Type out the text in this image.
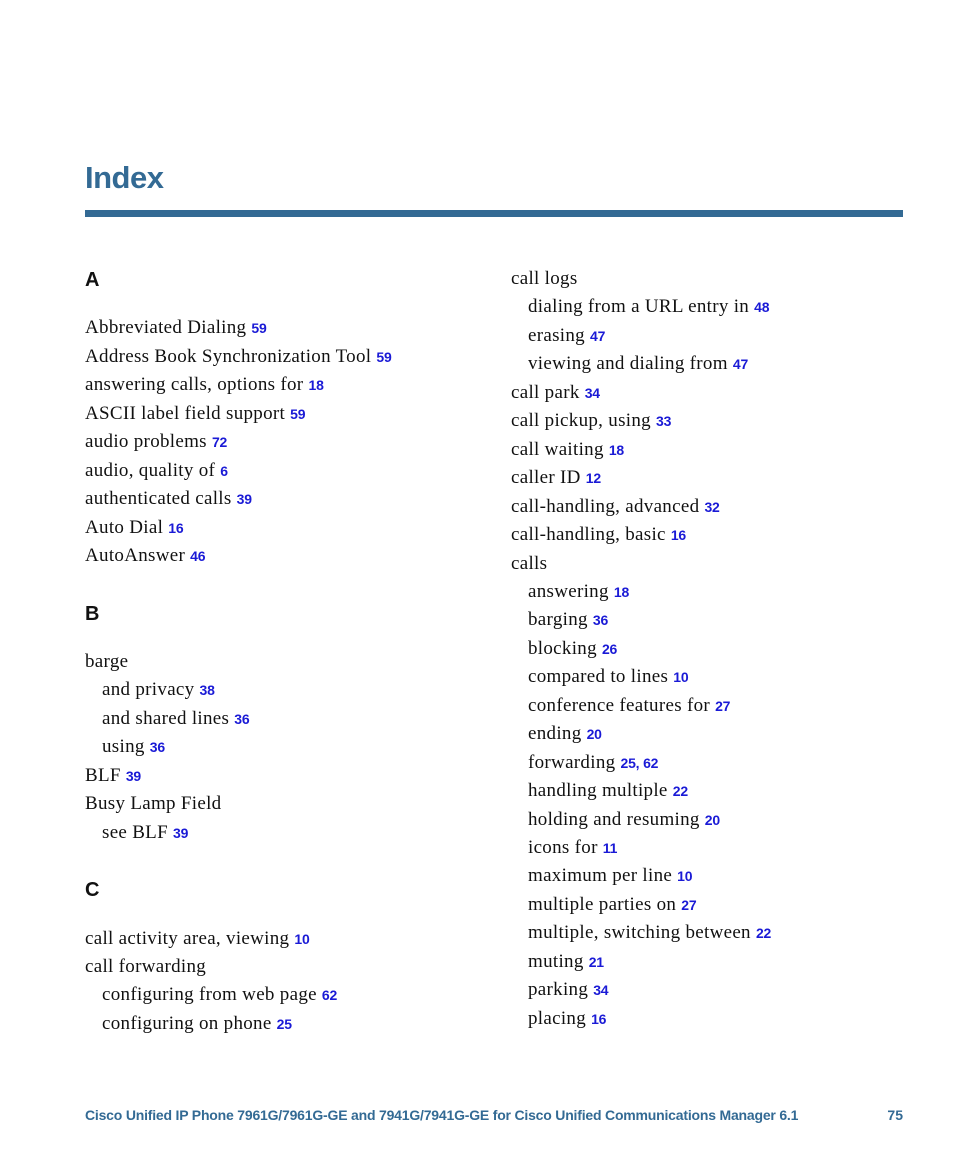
Index
A
Abbreviated Dialing 59
Address Book Synchronization Tool 59
answering calls, options for 18
ASCII label field support 59
audio problems 72
audio, quality of 6
authenticated calls 39
Auto Dial 16
AutoAnswer 46
B
barge
and privacy 38
and shared lines 36
using 36
BLF 39
Busy Lamp Field
see BLF 39
C
call activity area, viewing 10
call forwarding
configuring from web page 62
configuring on phone 25
call logs
dialing from a URL entry in 48
erasing 47
viewing and dialing from 47
call park 34
call pickup, using 33
call waiting 18
caller ID 12
call-handling, advanced 32
call-handling, basic 16
calls
answering 18
barging 36
blocking 26
compared to lines 10
conference features for 27
ending 20
forwarding 25, 62
handling multiple 22
holding and resuming 20
icons for 11
maximum per line 10
multiple parties on 27
multiple, switching between 22
muting 21
parking 34
placing 16
Cisco Unified IP Phone 7961G/7961G-GE and 7941G/7941G-GE for Cisco Unified Communications Manager 6.1	75
